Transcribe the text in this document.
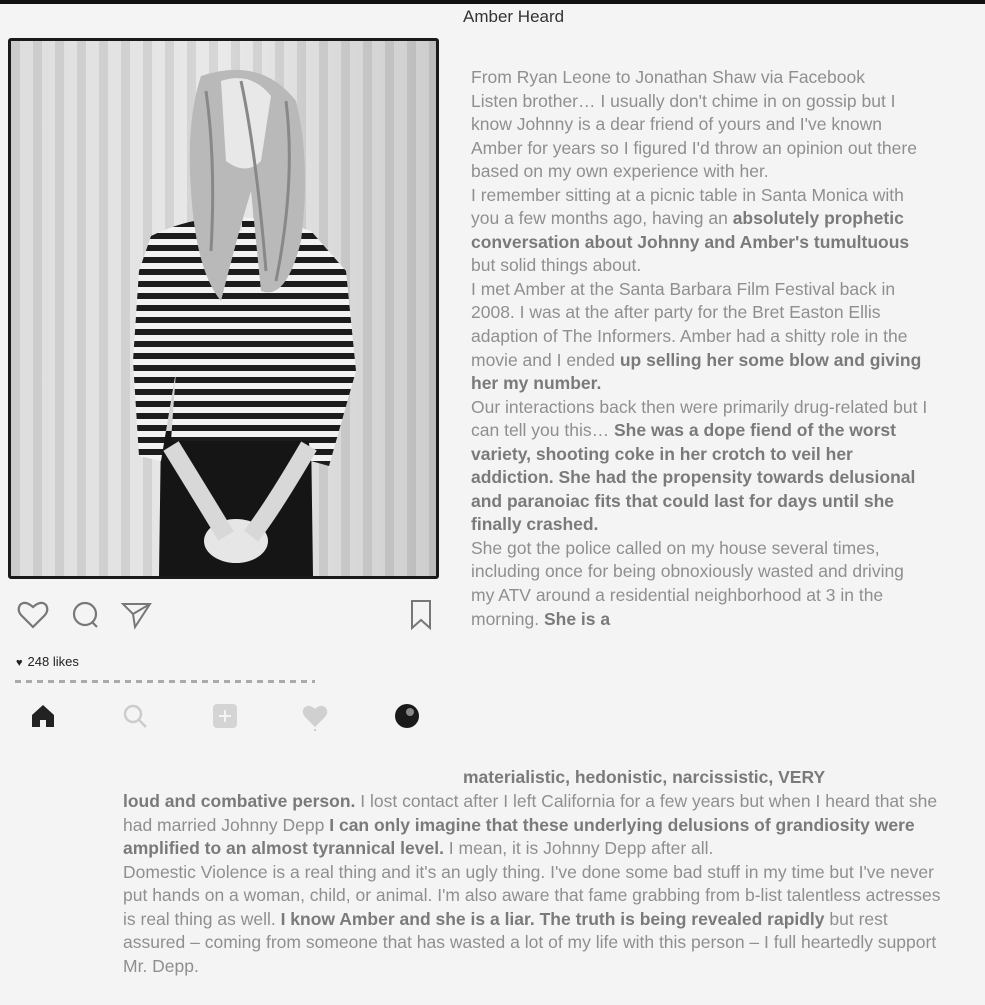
Amber Heard
♥ 248 likes

From Ryan Leone to Jonathan Shaw via Facebook

Listen brother… I usually don't chime in on gossip but I know Johnny is a dear friend of yours and I've known Amber for years so I figured I'd throw an opinion out there based on my own experience with her.

I remember sitting at a picnic table in Santa Monica with you a few months ago, having an absolutely prophetic conversation about Johnny and Amber's tumultuous but solid things about.

I met Amber at the Santa Barbara Film Festival back in 2008. I was at the after party for the Bret Easton Ellis adaption of The Informers. Amber had a shitty role in the movie and I ended up selling her some blow and giving her my number.

Our interactions back then were primarily drug-related but I can tell you this… She was a dope fiend of the worst variety, shooting coke in her crotch to veil her addiction. She had the propensity towards delusional and paranoiac fits that could last for days until she finally crashed.

She got the police called on my house several times, including once for being obnoxiously wasted and driving my ATV around a residential neighborhood at 3 in the morning. She is a

materialistic, hedonistic, narcissistic, VERY

loud and combative person. I lost contact after I left California for a few years but when I heard that she had married Johnny Depp I can only imagine that these underlying delusions of grandiosity were amplified to an almost tyrannical level. I mean, it is Johnny Depp after all.

Domestic Violence is a real thing and it's an ugly thing. I've done some bad stuff in my time but I've never put hands on a woman, child, or animal. I'm also aware that fame grabbing from b-list talentless actresses is real thing as well. I know Amber and she is a liar. The truth is being revealed rapidly but rest assured – coming from someone that has wasted a lot of my life with this person – I full heartedly support Mr. Depp.
